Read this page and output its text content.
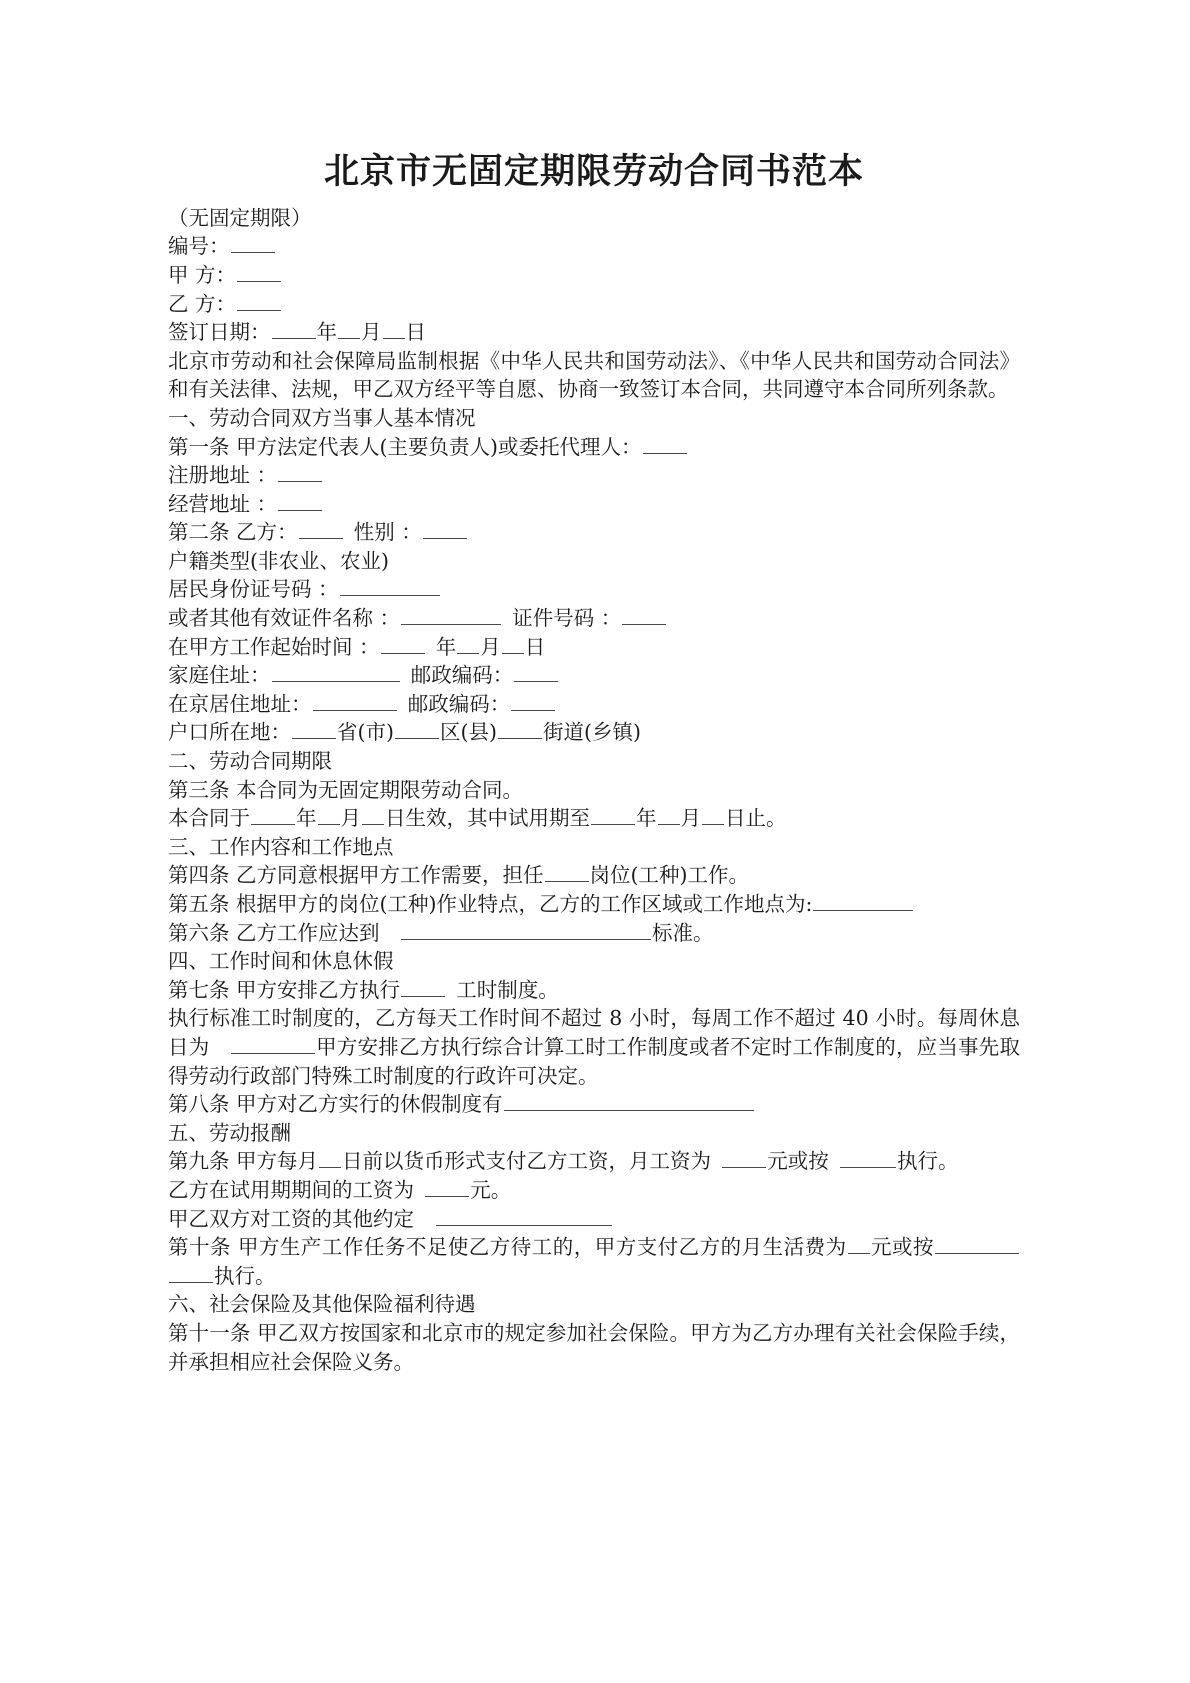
北京市无固定期限劳动合同书范本

（无固定期限）

编号：

甲 方：

乙 方：

签订日期： 年 月 日

北京市劳动和社会保障局监制根据《中华人民共和国劳动法》、《中华人民共和国劳动合同法》和有关法律、法规，甲乙双方经平等自愿、协商一致签订本合同，共同遵守本合同所列条款。

一、劳动合同双方当事人基本情况

第一条 甲方法定代表人(主要负责人)或委托代理人：

注册地址 ：

经营地址 ：

第二条 乙方：	性别 ：

户籍类型(非农业、农业)

居民身份证号码 ：

或者其他有效证件名称 ：	证件号码 ：

在甲方工作起始时间 ：	年 月 日

家庭住址：	邮政编码：

在京居住地址：	邮政编码：

户口所在地： 省(市) 区(县) 街道(乡镇)

二、劳动合同期限

第三条 本合同为无固定期限劳动合同。

本合同于 年 月 日生效，其中试用期至 年 月 日止。

三、工作内容和工作地点

第四条 乙方同意根据甲方工作需要，担任 岗位(工种)工作。

第五条 根据甲方的岗位(工种)作业特点，乙方的工作区域或工作地点为:

第六条 乙方工作应达到	标准。

四、工作时间和休息休假

第七条 甲方安排乙方执行	工时制度。

执行标准工时制度的，乙方每天工作时间不超过 8 小时，每周工作不超过 40 小时。每周休息日为	甲方安排乙方执行综合计算工时工作制度或者不定时工作制度的，应当事先取得劳动行政部门特殊工时制度的行政许可决定。

第八条 甲方对乙方实行的休假制度有

五、劳动报酬

第九条 甲方每月 日前以货币形式支付乙方工资，月工资为	元或按	执行。

乙方在试用期期间的工资为	元。

甲乙双方对工资的其他约定

第十条 甲方生产工作任务不足使乙方待工的，甲方支付乙方的月生活费为 元或按执行。

六、社会保险及其他保险福利待遇

第十一条 甲乙双方按国家和北京市的规定参加社会保险。甲方为乙方办理有关社会保险手续，并承担相应社会保险义务。
